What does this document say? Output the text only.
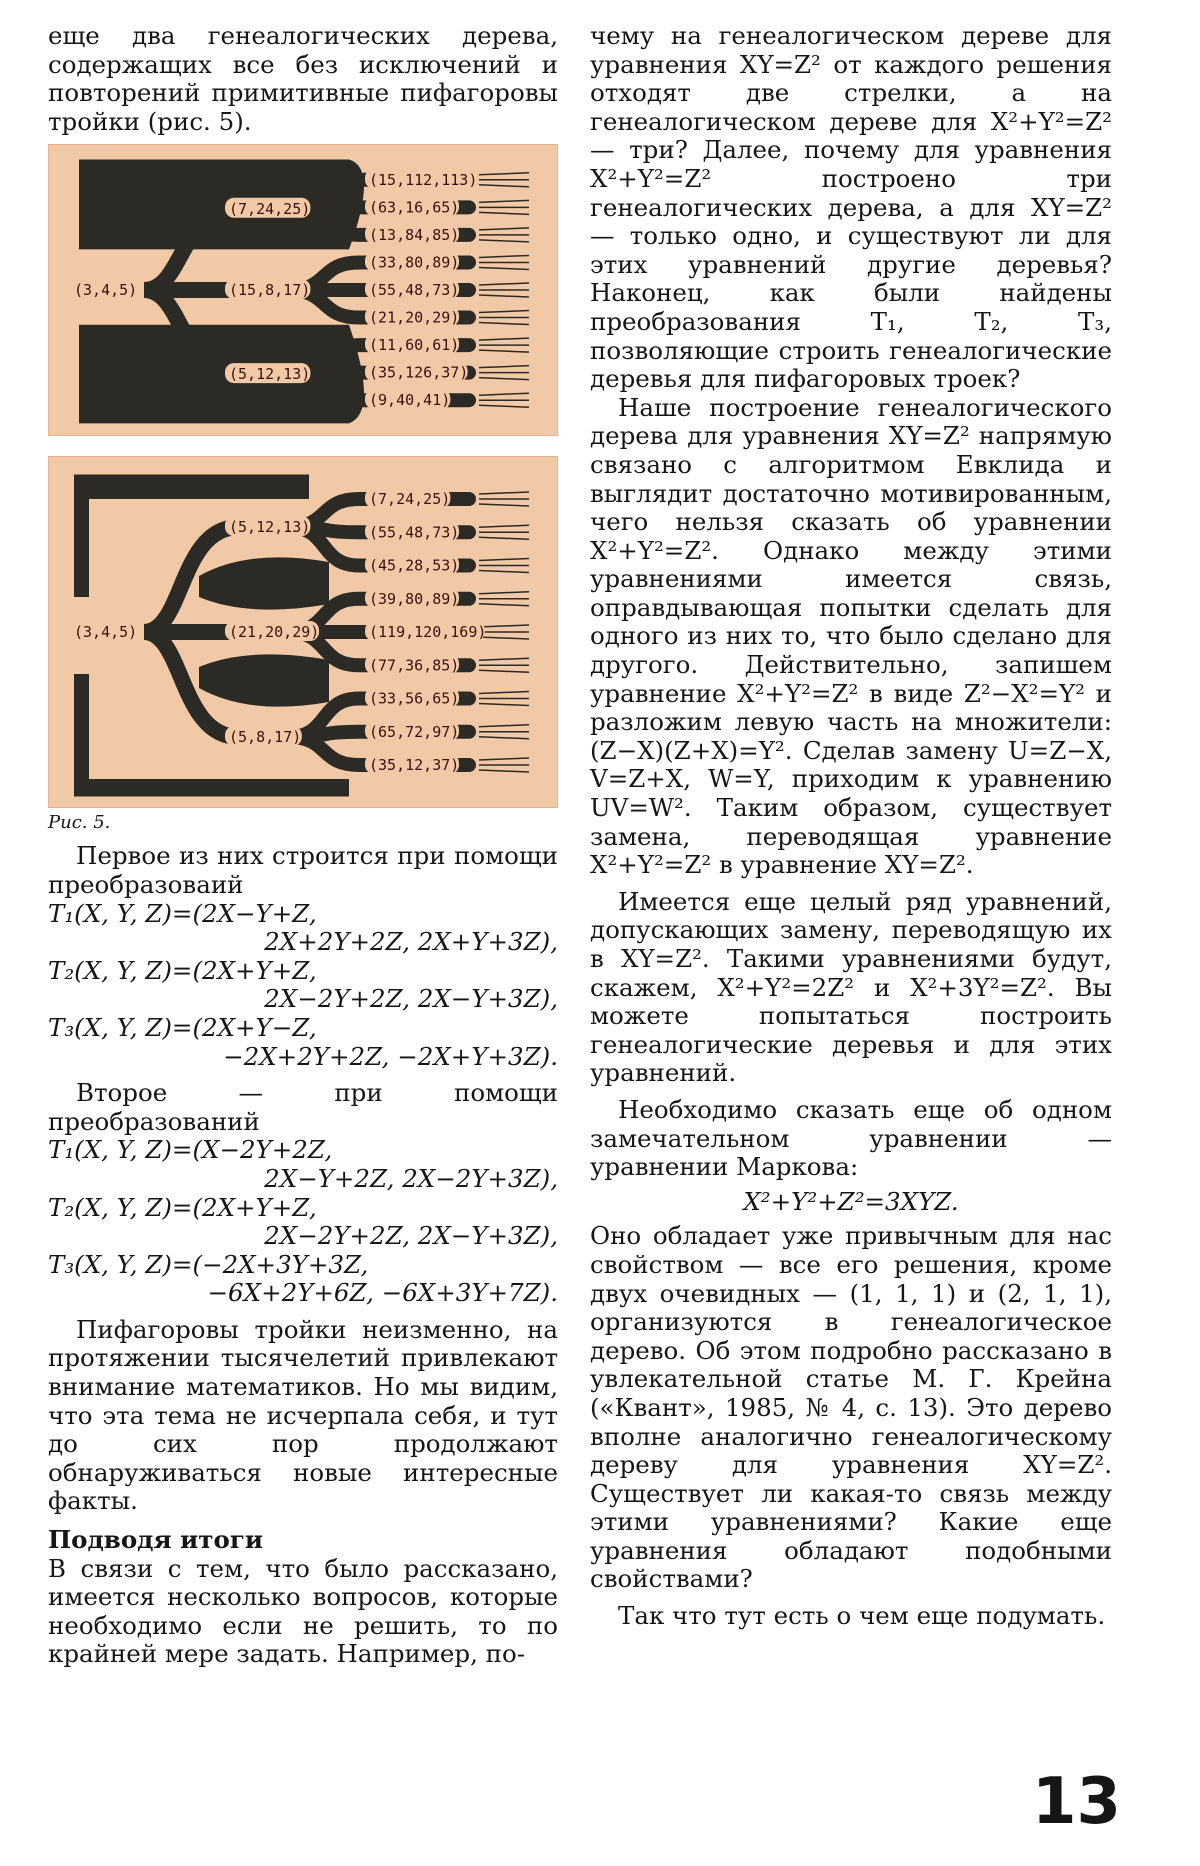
еще два генеалогических дерева, содержащих все без исключений и повторений примитивные пифагоровы тройки (рис. 5).

(3,4,5)
(7,24,25)
(15,8,17)
(5,12,13)
(15,112,113)
(63,16,65)
(13,84,85)
(33,80,89)
(55,48,73)
(21,20,29)
(11,60,61)
(35,126,37)
(9,40,41)
(3,4,5)
(5,12,13)
(21,20,29)
(5,8,17)
(7,24,25)
(55,48,73)
(45,28,53)
(39,80,89)
(119,120,169)
(77,36,85)
(33,56,65)
(65,72,97)
(35,12,37)

Рис. 5.

Первое из них строится при помощи преобразоваий

T₁(X, Y, Z)=(2X−Y+Z,
2X+2Y+2Z, 2X+Y+3Z),
T₂(X, Y, Z)=(2X+Y+Z,
2X−2Y+2Z, 2X−Y+3Z),
T₃(X, Y, Z)=(2X+Y−Z,
−2X+2Y+2Z, −2X+Y+3Z).

Второе — при помощи преобразований

T₁(X, Y, Z)=(X−2Y+2Z,
2X−Y+2Z, 2X−2Y+3Z),
T₂(X, Y, Z)=(2X+Y+Z,
2X−2Y+2Z, 2X−Y+3Z),
T₃(X, Y, Z)=(−2X+3Y+3Z,
−6X+2Y+6Z, −6X+3Y+7Z).

Пифагоровы тройки неизменно, на протяжении тысячелетий привлекают внимание математиков. Но мы видим, что эта тема не исчерпала себя, и тут до сих пор продолжают обнаруживаться новые интересные факты.

Подводя итоги

В связи с тем, что было рассказано, имеется несколько вопросов, которые необходимо если не решить, то по крайней мере задать. Например, по-

чему на генеалогическом дереве для уравнения XY=Z² от каждого решения отходят две стрелки, а на генеалогическом дереве для X²+Y²=Z² — три? Далее, почему для уравнения X²+Y²=Z² построено три генеалогических дерева, а для XY=Z² — только одно, и существуют ли для этих уравнений другие деревья? Наконец, как были найдены преобразования T₁, T₂, T₃, позволяющие строить генеалогические деревья для пифагоровых троек?

Наше построение генеалогического дерева для уравнения XY=Z² напрямую связано с алгоритмом Евклида и выглядит достаточно мотивированным, чего нельзя сказать об уравнении X²+Y²=Z². Однако между этими уравнениями имеется связь, оправдывающая попытки сделать для одного из них то, что было сделано для другого. Действительно, запишем уравнение X²+Y²=Z² в виде Z²−X²=Y² и разложим левую часть на множители: (Z−X)(Z+X)=Y². Сделав замену U=Z−X, V=Z+X, W=Y, приходим к уравнению UV=W². Таким образом, существует замена, переводящая уравнение X²+Y²=Z² в уравнение XY=Z².

Имеется еще целый ряд уравнений, допускающих замену, переводящую их в XY=Z². Такими уравнениями будут, скажем, X²+Y²=2Z² и X²+3Y²=Z². Вы можете попытаться построить генеалогические деревья и для этих уравнений.

Необходимо сказать еще об одном замечательном уравнении — уравнении Маркова:

X²+Y²+Z²=3XYZ.

Оно обладает уже привычным для нас свойством — все его решения, кроме двух очевидных — (1, 1, 1) и (2, 1, 1), организуются в генеалогическое дерево. Об этом подробно рассказано в увлекательной статье М. Г. Крейна («Квант», 1985, № 4, с. 13). Это дерево вполне аналогично генеалогическому дереву для уравнения XY=Z². Существует ли какая-то связь между этими уравнениями? Какие еще уравнения обладают подобными свойствами?

Так что тут есть о чем еще подумать.

13
